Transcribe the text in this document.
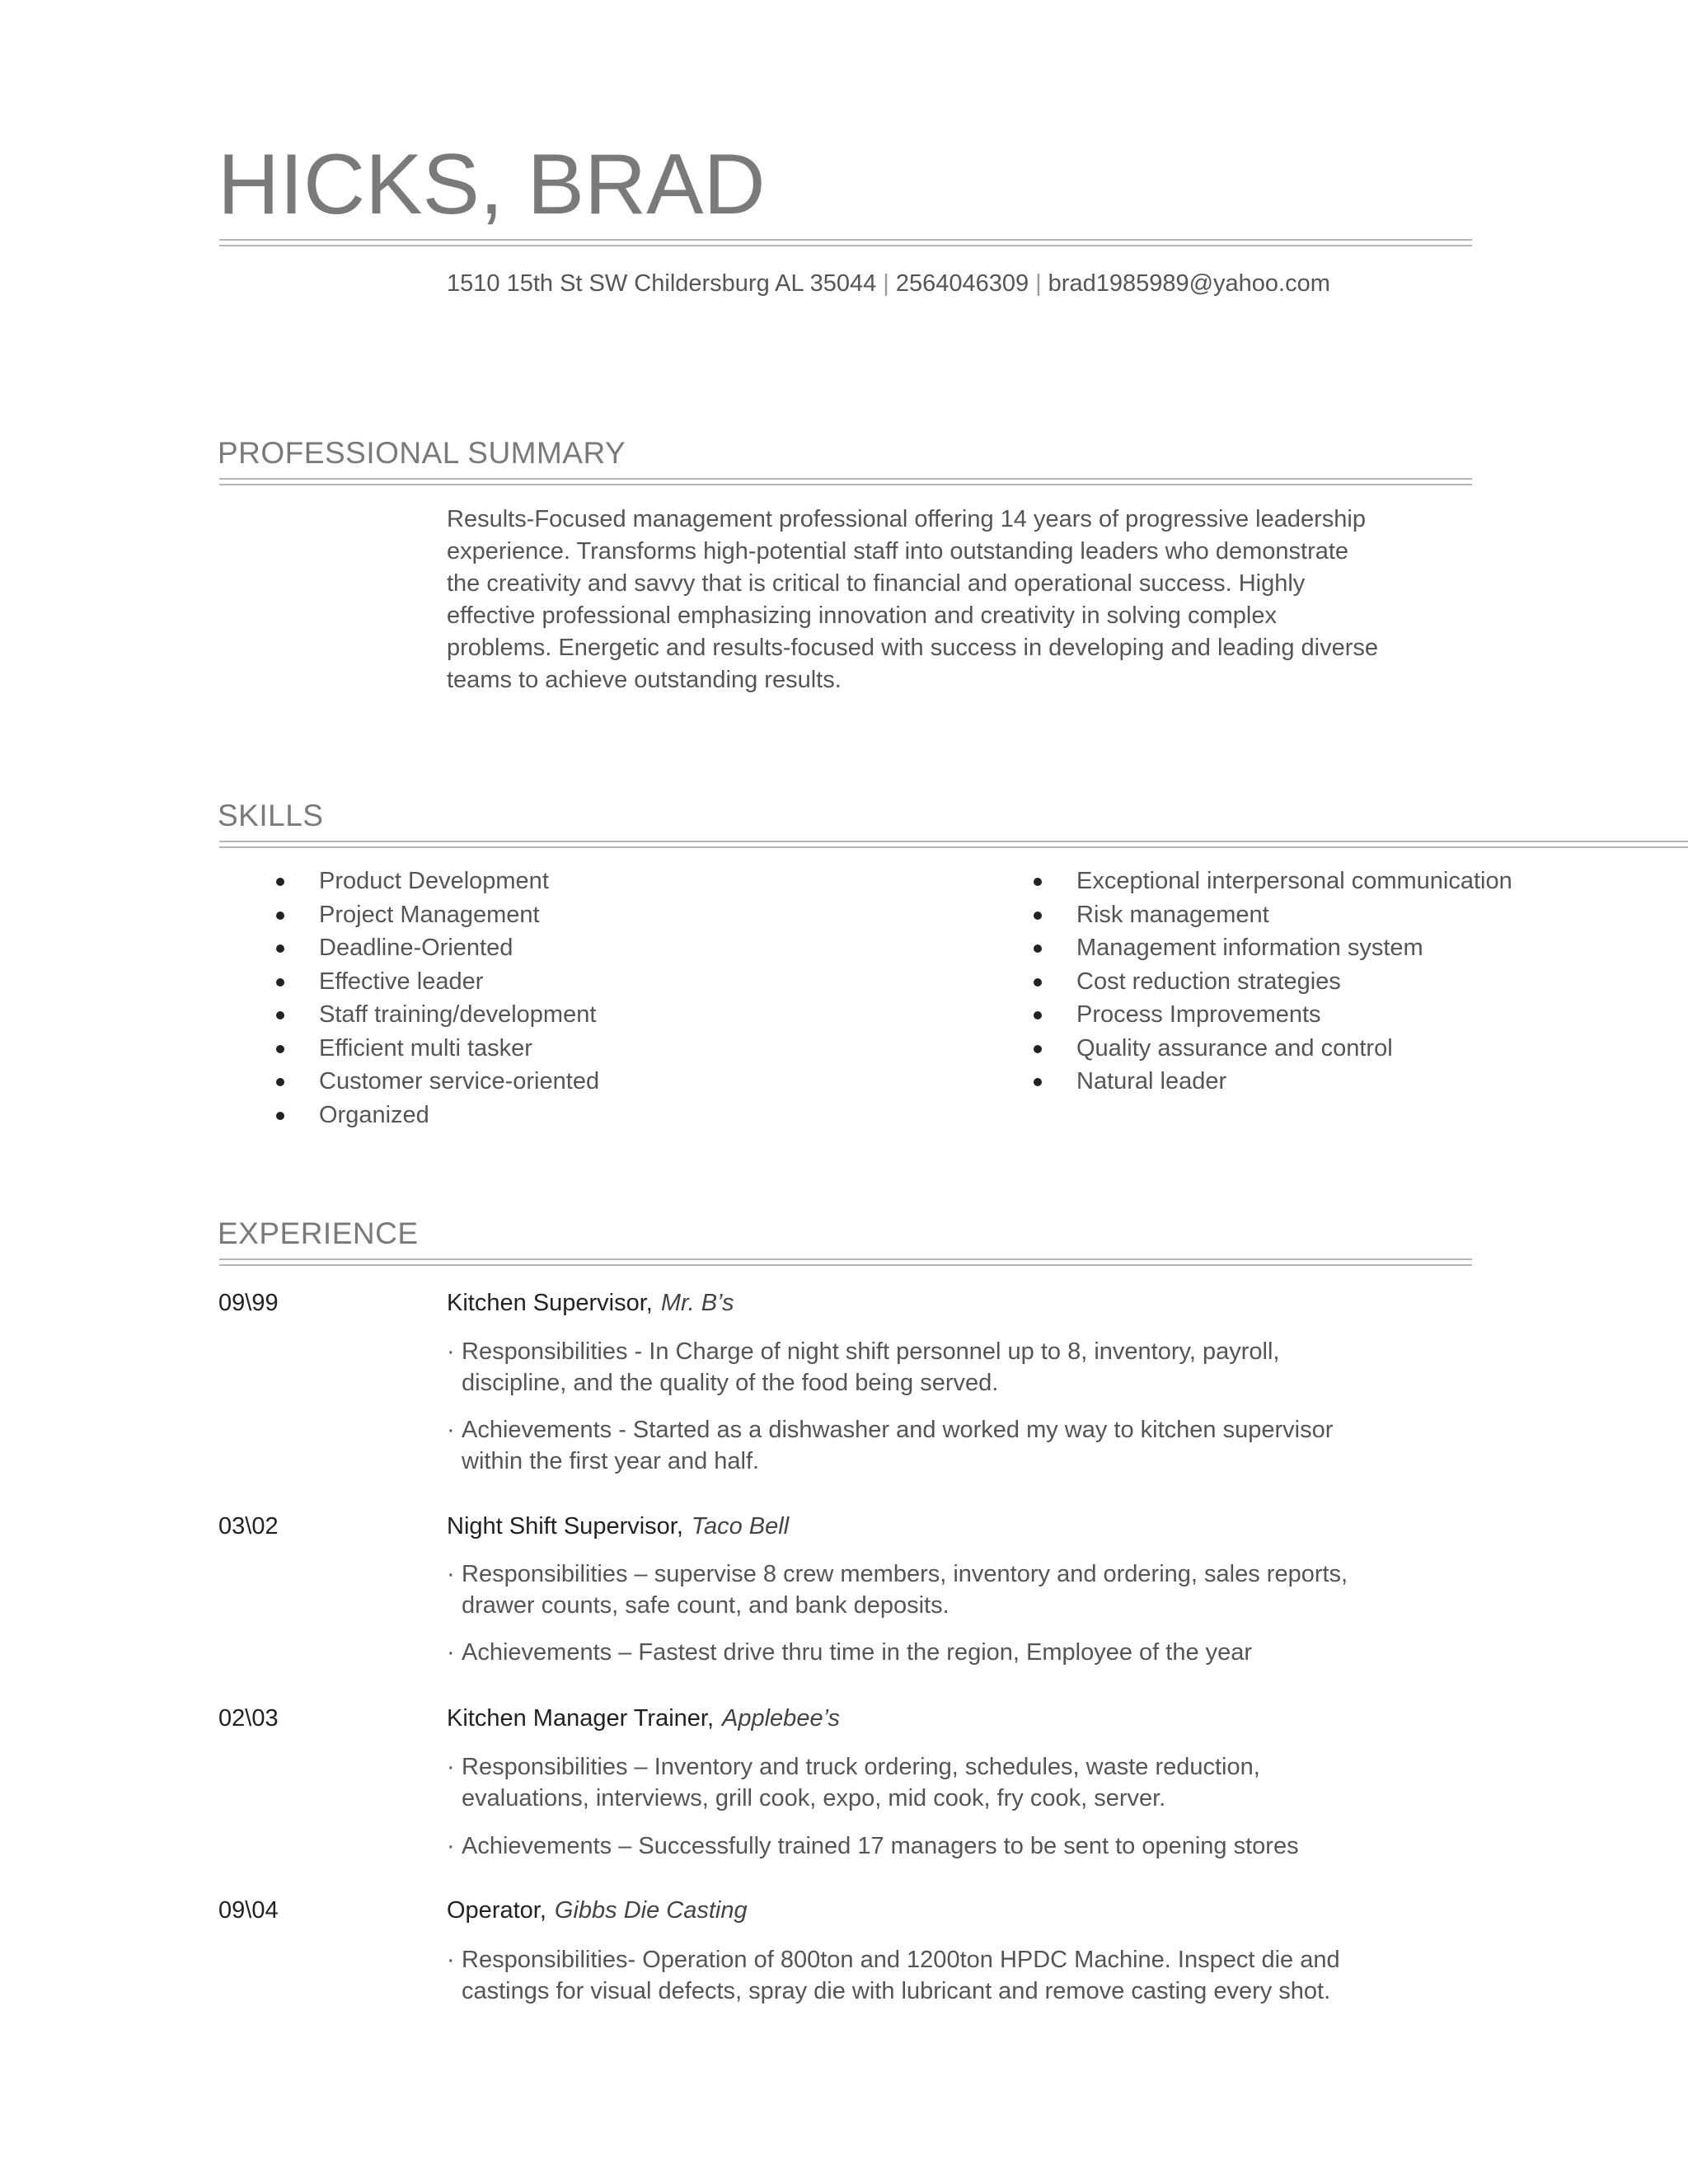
HICKS, BRAD
1510 15th St SW Childersburg AL 35044 | 2564046309 | brad1985989@yahoo.com
PROFESSIONAL SUMMARY

Results-Focused management professional offering 14 years of progressive leadership
experience. Transforms high-potential staff into outstanding leaders who demonstrate
the creativity and savvy that is critical to financial and operational success. Highly
effective professional emphasizing innovation and creativity in solving complex
problems. Energetic and results-focused with success in developing and leading diverse
teams to achieve outstanding results.

SKILLS
Product Development
Project Management
Deadline-Oriented
Effective leader
Staff training/development
Efficient multi tasker
Customer service-oriented
Organized
Exceptional interpersonal communication
Risk management
Management information system
Cost reduction strategies
Process Improvements
Quality assurance and control
Natural leader
EXPERIENCE
09\99	Kitchen Supervisor, Mr. B’s

· Responsibilities - In Charge of night shift personnel up to 8, inventory, payroll,
discipline, and the quality of the food being served.

· Achievements - Started as a dishwasher and worked my way to kitchen supervisor
within the first year and half.

03\02	Night Shift Supervisor, Taco Bell

· Responsibilities – supervise 8 crew members, inventory and ordering, sales reports,
drawer counts, safe count, and bank deposits.

· Achievements – Fastest drive thru time in the region, Employee of the year

02\03	Kitchen Manager Trainer, Applebee’s

· Responsibilities – Inventory and truck ordering, schedules, waste reduction,
evaluations, interviews, grill cook, expo, mid cook, fry cook, server.

· Achievements – Successfully trained 17 managers to be sent to opening stores

09\04	Operator, Gibbs Die Casting

· Responsibilities- Operation of 800ton and 1200ton HPDC Machine. Inspect die and
castings for visual defects, spray die with lubricant and remove casting every shot.
